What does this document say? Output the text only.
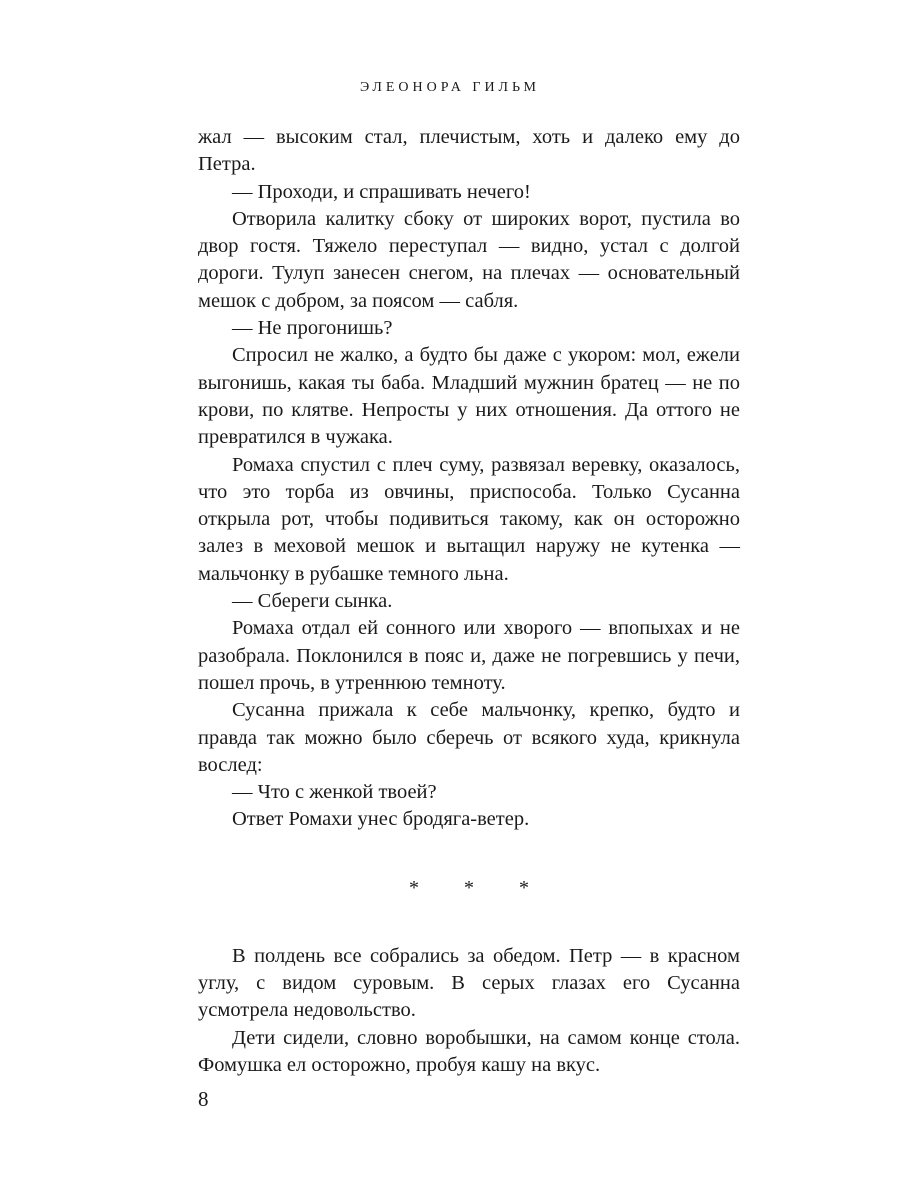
ЭЛЕОНОРА ГИЛЬМ

жал — высоким стал, плечистым, хоть и далеко ему до Петра.

— Проходи, и спрашивать нечего!

Отворила калитку сбоку от широких ворот, пустила во двор гостя. Тяжело переступал — видно, устал с долгой дороги. Тулуп занесен снегом, на плечах — основательный мешок с добром, за поясом — сабля.

— Не прогонишь?

Спросил не жалко, а будто бы даже с укором: мол, ежели выгонишь, какая ты баба. Младший мужнин братец — не по крови, по клятве. Непросты у них отношения. Да оттого не превратился в чужака.

Ромаха спустил с плеч суму, развязал веревку, оказалось, что это торба из овчины, приспособа. Только Сусанна открыла рот, чтобы подивиться такому, как он осторожно залез в меховой мешок и вытащил наружу не кутенка — мальчонку в рубашке темного льна.

— Сбереги сынка.

Ромаха отдал ей сонного или хворого — впопыхах и не разобрала. Поклонился в пояс и, даже не погревшись у печи, пошел прочь, в утреннюю темноту.

Сусанна прижала к себе мальчонку, крепко, будто и правда так можно было сберечь от всякого худа, крикнула вослед:

— Что с женкой твоей?

Ответ Ромахи унес бродяга-ветер.

* * *

В полдень все собрались за обедом. Петр — в красном углу, с видом суровым. В серых глазах его Сусанна усмотрела недовольство.

Дети сидели, словно воробышки, на самом конце стола. Фомушка ел осторожно, пробуя кашу на вкус.

8
